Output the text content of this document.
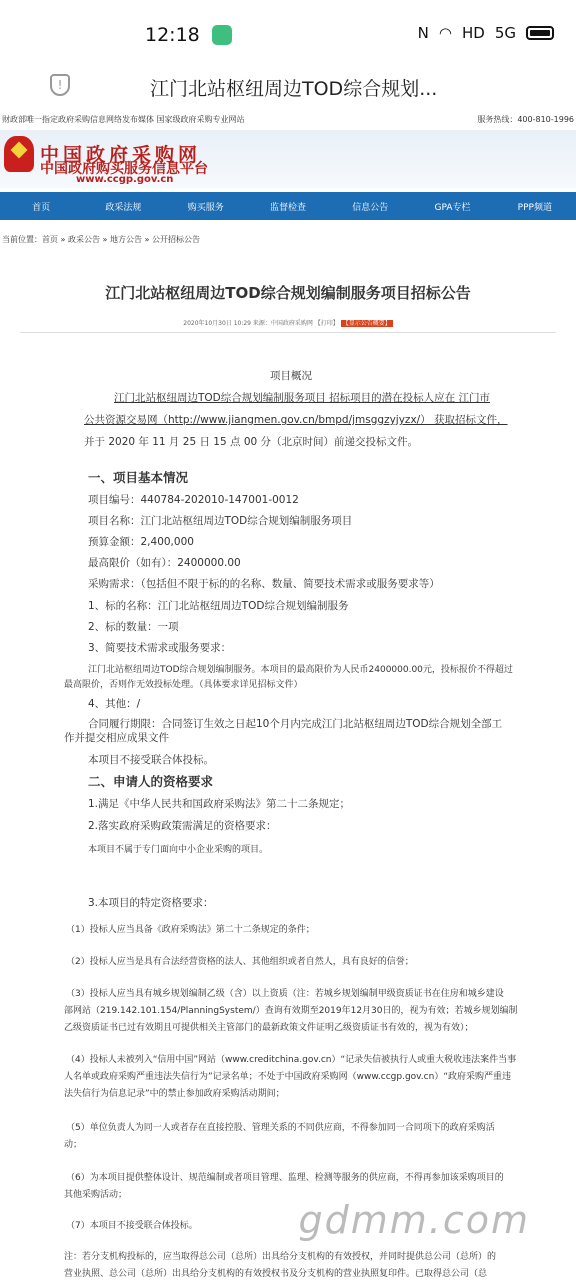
12:18	N ◠ HD 5G
!	江门北站枢纽周边TOD综合规划...
财政部唯一指定政府采购信息网络发布媒体 国家级政府采购专业网站	服务热线：400-810-1996
中国政府采购网
中国政府购买服务信息平台
www.ccgp.gov.cn
首页	政采法规	购买服务	监督检查	信息公告	GPA专栏	PPP频道
当前位置：首页 » 政采公告 » 地方公告 » 公开招标公告
江门北站枢纽周边TOD综合规划编制服务项目招标公告
2020年10月30日 10:29 来源：中国政府采购网 【打印】 【显示公告概要】
项目概况
江门北站枢纽周边TOD综合规划编制服务项目 招标项目的潜在投标人应在 江门市
公共资源交易网（http://www.jiangmen.gov.cn/bmpd/jmsggzyjyzx/） 获取招标文件，
并于 2020 年 11 月 25 日 15 点 00 分（北京时间）前递交投标文件。
一、项目基本情况
项目编号：440784-202010-147001-0012
项目名称：江门北站枢纽周边TOD综合规划编制服务项目
预算金额：2,400,000
最高限价（如有）：2400000.00
采购需求：（包括但不限于标的的名称、数量、简要技术需求或服务要求等）
1、标的名称：江门北站枢纽周边TOD综合规划编制服务
2、标的数量：一项
3、简要技术需求或服务要求：
江门北站枢纽周边TOD综合规划编制服务。本项目的最高限价为人民币2400000.00元，投标报价不得超过
最高限价，否则作无效投标处理。（具体要求详见招标文件）
4、其他：/
合同履行期限：合同签订生效之日起10个月内完成江门北站枢纽周边TOD综合规划全部工
作并提交相应成果文件
本项目不接受联合体投标。
二、申请人的资格要求
1.满足《中华人民共和国政府采购法》第二十二条规定；
2.落实政府采购政策需满足的资格要求：
本项目不属于专门面向中小企业采购的项目。
3.本项目的特定资格要求：
（1）投标人应当具备《政府采购法》第二十二条规定的条件；
（2）投标人应当是具有合法经营资格的法人、其他组织或者自然人，具有良好的信誉；
（3）投标人应当具有城乡规划编制乙级（含）以上资质（注：若城乡规划编制甲级资质证书在住房和城乡建设
部网站（219.142.101.154/PlanningSystem/）查询有效期至2019年12月30日的，视为有效；若城乡规划编制
乙级资质证书已过有效期且可提供相关主管部门的最新政策文件证明乙级资质证书有效的，视为有效）；
（4）投标人未被列入“信用中国”网站（www.creditchina.gov.cn）“记录失信被执行人或重大税收违法案件当事
人名单或政府采购严重违法失信行为”记录名单；不处于中国政府采购网（www.ccgp.gov.cn）“政府采购严重违
法失信行为信息记录”中的禁止参加政府采购活动期间；
（5）单位负责人为同一人或者存在直接控股、管理关系的不同供应商，不得参加同一合同项下的政府采购活
动；
（6）为本项目提供整体设计、规范编制或者项目管理、监理、检测等服务的供应商，不得再参加该采购项目的
其他采购活动；
（7）本项目不接受联合体投标。
注：若分支机构投标的，应当取得总公司（总所）出具给分支机构的有效授权，并同时提供总公司（总所）的
营业执照、总公司（总所）出具给分支机构的有效授权书及分支机构的营业执照复印件。已取得总公司（总
gdmm.com
